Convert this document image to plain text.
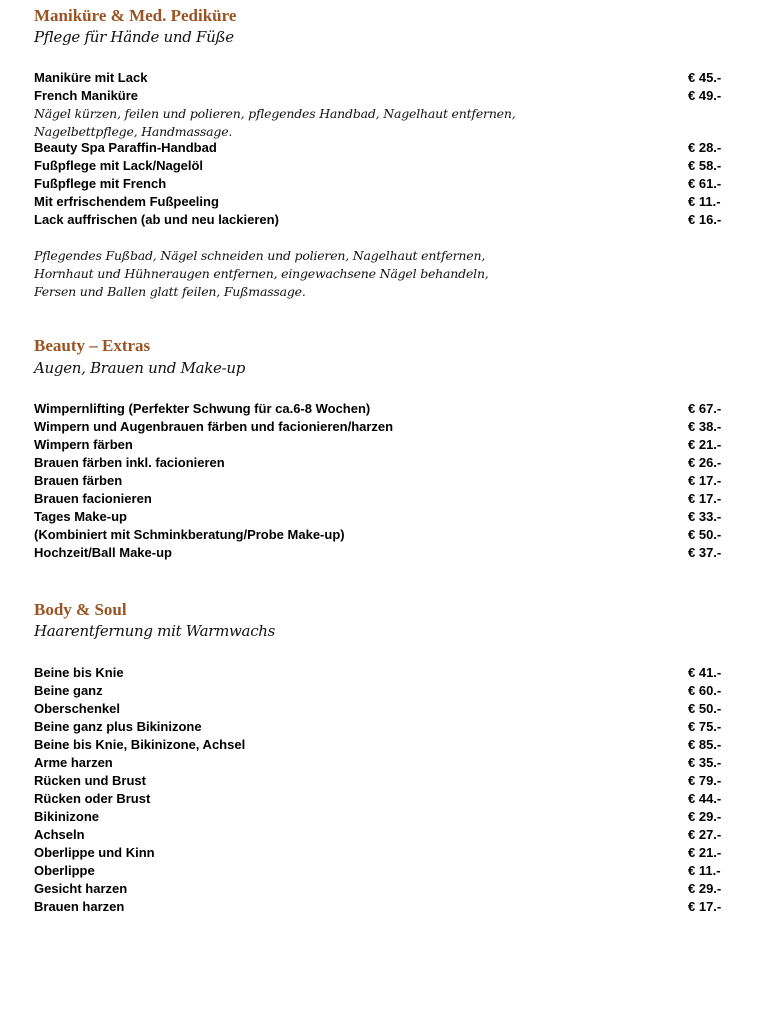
Maniküre & Med. Pediküre
Pflege für Hände und Füße
Maniküre mit Lack	€ 45.-
French Maniküre	€ 49.-
Nägel kürzen, feilen und polieren, pflegendes Handbad, Nagelhaut entfernen,
Nagelbettpflege, Handmassage.
Beauty Spa Paraffin-Handbad	€ 28.-
Fußpflege mit Lack/Nagelöl	€ 58.-
Fußpflege mit French	€ 61.-
Mit erfrischendem Fußpeeling	€ 11.-
Lack auffrischen (ab und neu lackieren)	€ 16.-
Pflegendes Fußbad, Nägel schneiden und polieren, Nagelhaut entfernen,
Hornhaut und Hühneraugen entfernen, eingewachsene Nägel behandeln,
Fersen und Ballen glatt feilen, Fußmassage.
Beauty – Extras
Augen, Brauen und Make-up
Wimpernlifting (Perfekter Schwung für ca.6-8 Wochen)	€ 67.-
Wimpern und Augenbrauen färben und facionieren/harzen	€ 38.-
Wimpern färben	€ 21.-
Brauen färben inkl. facionieren	€ 26.-
Brauen färben	€ 17.-
Brauen facionieren	€ 17.-
Tages Make-up	€ 33.-
(Kombiniert mit Schminkberatung/Probe Make-up)	€ 50.-
Hochzeit/Ball Make-up	€ 37.-
Body & Soul
Haarentfernung mit Warmwachs
Beine bis Knie	€ 41.-
Beine ganz	€ 60.-
Oberschenkel	€ 50.-
Beine ganz plus Bikinizone	€ 75.-
Beine bis Knie, Bikinizone, Achsel	€ 85.-
Arme harzen	€ 35.-
Rücken und Brust	€ 79.-
Rücken oder Brust	€ 44.-
Bikinizone	€ 29.-
Achseln	€ 27.-
Oberlippe und Kinn	€ 21.-
Oberlippe	€ 11.-
Gesicht harzen	€ 29.-
Brauen harzen	€ 17.-
